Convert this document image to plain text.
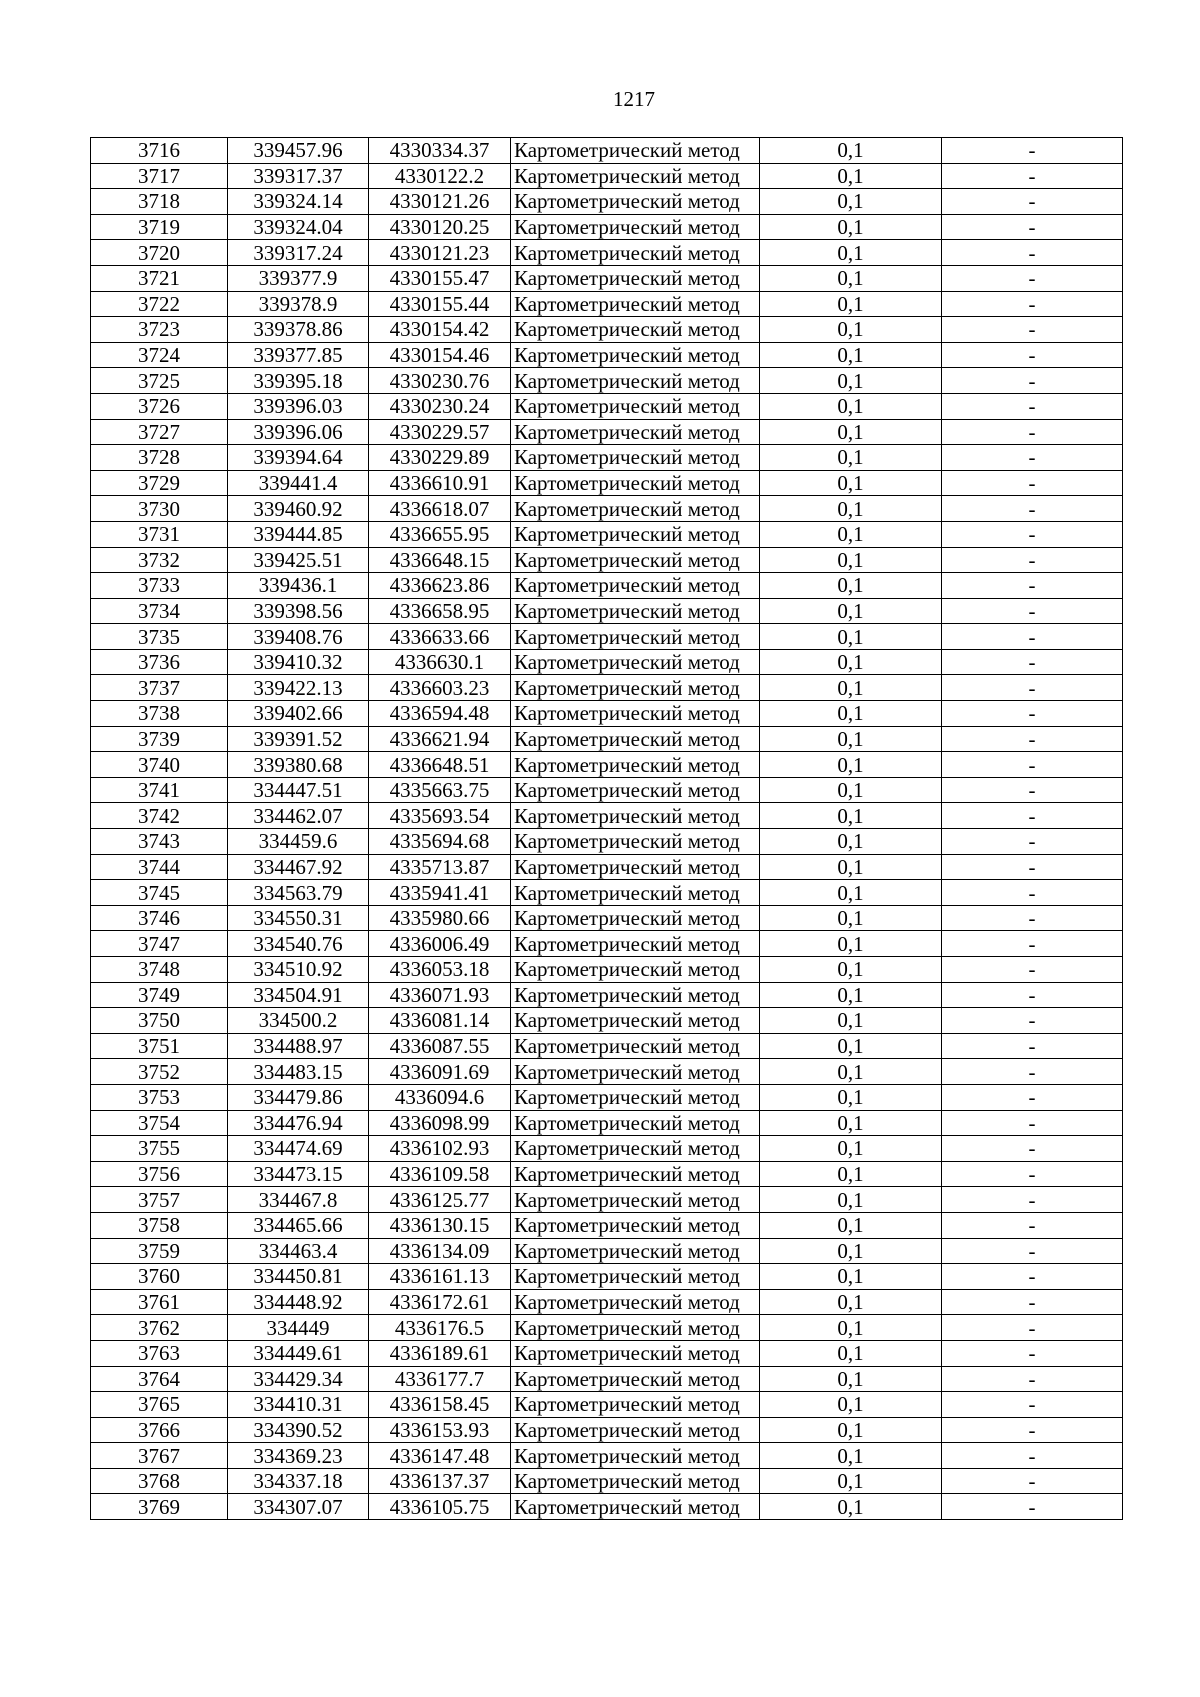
1217
3716	339457.96	4330334.37	Картометрический метод	0,1	-
3717	339317.37	4330122.2	Картометрический метод	0,1	-
3718	339324.14	4330121.26	Картометрический метод	0,1	-
3719	339324.04	4330120.25	Картометрический метод	0,1	-
3720	339317.24	4330121.23	Картометрический метод	0,1	-
3721	339377.9	4330155.47	Картометрический метод	0,1	-
3722	339378.9	4330155.44	Картометрический метод	0,1	-
3723	339378.86	4330154.42	Картометрический метод	0,1	-
3724	339377.85	4330154.46	Картометрический метод	0,1	-
3725	339395.18	4330230.76	Картометрический метод	0,1	-
3726	339396.03	4330230.24	Картометрический метод	0,1	-
3727	339396.06	4330229.57	Картометрический метод	0,1	-
3728	339394.64	4330229.89	Картометрический метод	0,1	-
3729	339441.4	4336610.91	Картометрический метод	0,1	-
3730	339460.92	4336618.07	Картометрический метод	0,1	-
3731	339444.85	4336655.95	Картометрический метод	0,1	-
3732	339425.51	4336648.15	Картометрический метод	0,1	-
3733	339436.1	4336623.86	Картометрический метод	0,1	-
3734	339398.56	4336658.95	Картометрический метод	0,1	-
3735	339408.76	4336633.66	Картометрический метод	0,1	-
3736	339410.32	4336630.1	Картометрический метод	0,1	-
3737	339422.13	4336603.23	Картометрический метод	0,1	-
3738	339402.66	4336594.48	Картометрический метод	0,1	-
3739	339391.52	4336621.94	Картометрический метод	0,1	-
3740	339380.68	4336648.51	Картометрический метод	0,1	-
3741	334447.51	4335663.75	Картометрический метод	0,1	-
3742	334462.07	4335693.54	Картометрический метод	0,1	-
3743	334459.6	4335694.68	Картометрический метод	0,1	-
3744	334467.92	4335713.87	Картометрический метод	0,1	-
3745	334563.79	4335941.41	Картометрический метод	0,1	-
3746	334550.31	4335980.66	Картометрический метод	0,1	-
3747	334540.76	4336006.49	Картометрический метод	0,1	-
3748	334510.92	4336053.18	Картометрический метод	0,1	-
3749	334504.91	4336071.93	Картометрический метод	0,1	-
3750	334500.2	4336081.14	Картометрический метод	0,1	-
3751	334488.97	4336087.55	Картометрический метод	0,1	-
3752	334483.15	4336091.69	Картометрический метод	0,1	-
3753	334479.86	4336094.6	Картометрический метод	0,1	-
3754	334476.94	4336098.99	Картометрический метод	0,1	-
3755	334474.69	4336102.93	Картометрический метод	0,1	-
3756	334473.15	4336109.58	Картометрический метод	0,1	-
3757	334467.8	4336125.77	Картометрический метод	0,1	-
3758	334465.66	4336130.15	Картометрический метод	0,1	-
3759	334463.4	4336134.09	Картометрический метод	0,1	-
3760	334450.81	4336161.13	Картометрический метод	0,1	-
3761	334448.92	4336172.61	Картометрический метод	0,1	-
3762	334449	4336176.5	Картометрический метод	0,1	-
3763	334449.61	4336189.61	Картометрический метод	0,1	-
3764	334429.34	4336177.7	Картометрический метод	0,1	-
3765	334410.31	4336158.45	Картометрический метод	0,1	-
3766	334390.52	4336153.93	Картометрический метод	0,1	-
3767	334369.23	4336147.48	Картометрический метод	0,1	-
3768	334337.18	4336137.37	Картометрический метод	0,1	-
3769	334307.07	4336105.75	Картометрический метод	0,1	-
